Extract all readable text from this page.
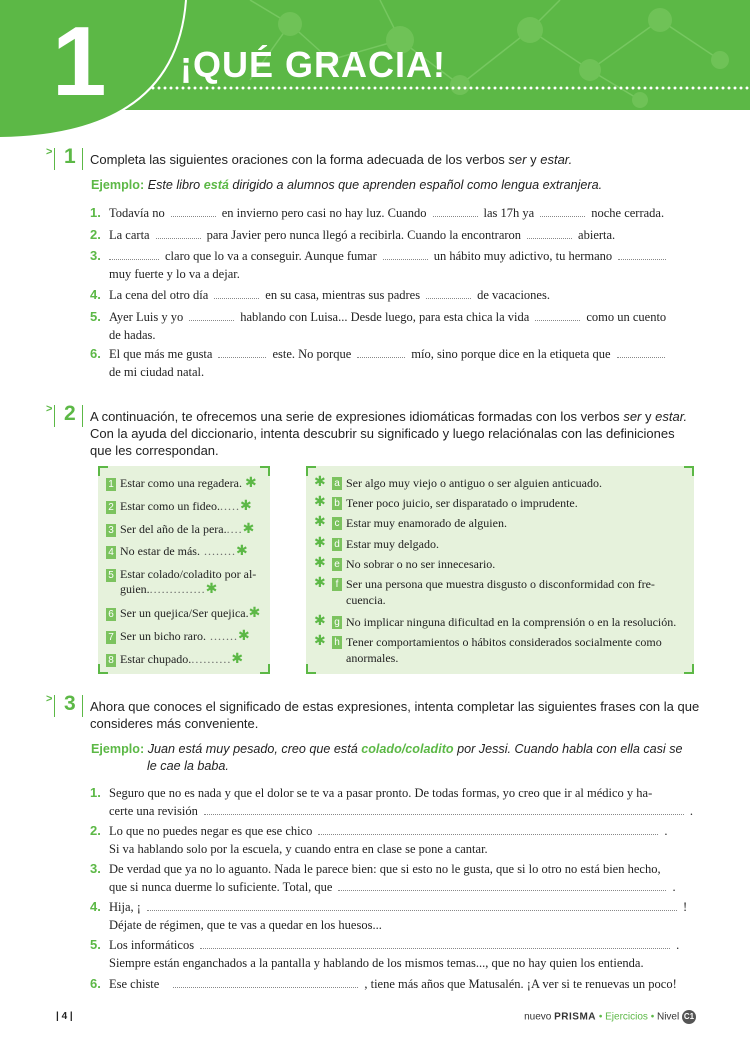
1 ¡QUÉ GRACIA!
> 1 Completa las siguientes oraciones con la forma adecuada de los verbos ser y estar.
Ejemplo: Este libro está dirigido a alumnos que aprenden español como lengua extranjera.
1. Todavía no	en invierno pero casi no hay luz. Cuando	las 17h ya	noche cerrada.
2. La carta	para Javier pero nunca llegó a recibirla. Cuando la encontraron	abierta.
3.	claro que lo va a conseguir. Aunque fumar	un hábito muy adictivo, tu hermano
muy fuerte y lo va a dejar.
4. La cena del otro día	en su casa, mientras sus padres	de vacaciones.
5. Ayer Luis y yo	hablando con Luisa... Desde luego, para esta chica la vida	como un cuento
de hadas.
6. El que más me gusta	este. No porque	mío, sino porque dice en la etiqueta que
de mi ciudad natal.
> 2 A continuación, te ofrecemos una serie de expresiones idiomáticas formadas con los verbos ser y estar.
Con la ayuda del diccionario, intenta descubrir su significado y luego relaciónalas con las definiciones que les correspondan.
1 Estar como una regadera. ✱
2 Estar como un fideo......✱
3 Ser del año de la pera.....✱
4 No estar de más. ........✱
5 Estar colado/coladito por al-
guien...............✱
6 Ser un quejica/Ser quejica.✱
7 Ser un bicho raro. .......✱
8 Estar chupado...........✱
✱ a Ser algo muy viejo o antiguo o ser alguien anticuado.
✱ b Tener poco juicio, ser disparatado o imprudente.
✱ c Estar muy enamorado de alguien.
✱ d Estar muy delgado.
✱ e No sobrar o no ser innecesario.
✱ f Ser una persona que muestra disgusto o disconformidad con fre-
cuencia.
✱ g No implicar ninguna dificultad en la comprensión o en la resolución.
✱ h Tener comportamientos o hábitos considerados socialmente como
anormales.
> 3 Ahora que conoces el significado de estas expresiones, intenta completar las siguientes frases con la que consideres más conveniente.
Ejemplo: Juan está muy pesado, creo que está colado/coladito por Jessi. Cuando habla con ella casi se
le cae la baba.
1. Seguro que no es nada y que el dolor se te va a pasar pronto. De todas formas, yo creo que ir al médico y ha-
certe una revisión	.
2. Lo que no puedes negar es que ese chico	.
Si va hablando solo por la escuela, y cuando entra en clase se pone a cantar.
3. De verdad que ya no lo aguanto. Nada le parece bien: que si esto no le gusta, que si lo otro no está bien hecho,
que si nunca duerme lo suficiente. Total, que	.
4. Hija, ¡	!
Déjate de régimen, que te vas a quedar en los huesos...
5. Los informáticos	.
Siempre están enganchados a la pantalla y hablando de los mismos temas..., que no hay quien los entienda.
6. Ese chiste	, tiene más años que Matusalén. ¡A ver si te renuevas un poco!
| 4 |	nuevo PRISMA • Ejercicios • Nivel C1
